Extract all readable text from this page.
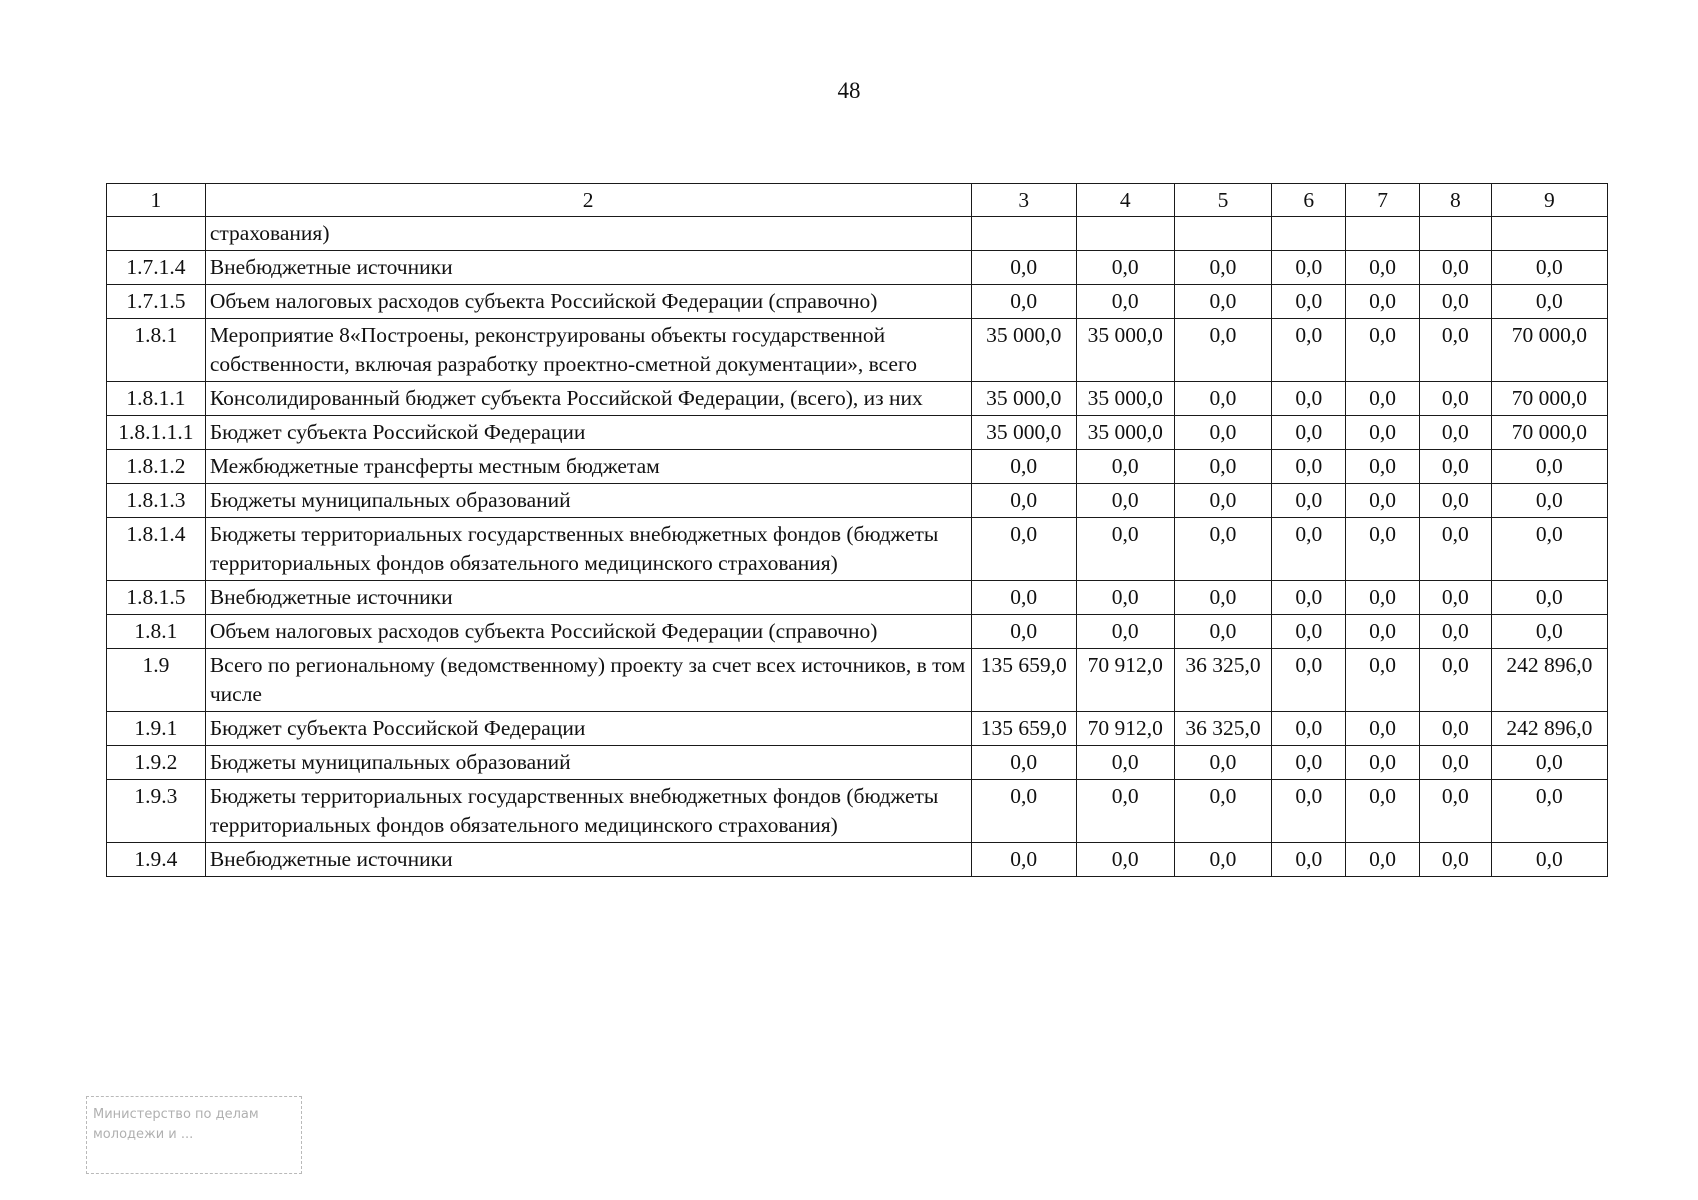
48
1	2	3	4	5	6	7	8	9
	страхования)							
1.7.1.4	Внебюджетные источники	0,0	0,0	0,0	0,0	0,0	0,0	0,0
1.7.1.5	Объем налоговых расходов субъекта Российской Федерации (справочно)	0,0	0,0	0,0	0,0	0,0	0,0	0,0
1.8.1	Мероприятие 8«Построены, реконструированы объекты государственной собственности, включая разработку проектно-сметной документации», всего	35 000,0	35 000,0	0,0	0,0	0,0	0,0	70 000,0
1.8.1.1	Консолидированный бюджет субъекта Российской Федерации, (всего), из них	35 000,0	35 000,0	0,0	0,0	0,0	0,0	70 000,0
1.8.1.1.1	Бюджет субъекта Российской Федерации	35 000,0	35 000,0	0,0	0,0	0,0	0,0	70 000,0
1.8.1.2	Межбюджетные трансферты местным бюджетам	0,0	0,0	0,0	0,0	0,0	0,0	0,0
1.8.1.3	Бюджеты муниципальных образований	0,0	0,0	0,0	0,0	0,0	0,0	0,0
1.8.1.4	Бюджеты территориальных государственных внебюджетных фондов (бюджеты территориальных фондов обязательного медицинского страхования)	0,0	0,0	0,0	0,0	0,0	0,0	0,0
1.8.1.5	Внебюджетные источники	0,0	0,0	0,0	0,0	0,0	0,0	0,0
1.8.1	Объем налоговых расходов субъекта Российской Федерации (справочно)	0,0	0,0	0,0	0,0	0,0	0,0	0,0
1.9	Всего по региональному (ведомственному) проекту за счет всех источников, в том числе	135 659,0	70 912,0	36 325,0	0,0	0,0	0,0	242 896,0
1.9.1	Бюджет субъекта Российской Федерации	135 659,0	70 912,0	36 325,0	0,0	0,0	0,0	242 896,0
1.9.2	Бюджеты муниципальных образований	0,0	0,0	0,0	0,0	0,0	0,0	0,0
1.9.3	Бюджеты территориальных государственных внебюджетных фондов (бюджеты территориальных фондов обязательного медицинского страхования)	0,0	0,0	0,0	0,0	0,0	0,0	0,0
1.9.4	Внебюджетные источники	0,0	0,0	0,0	0,0	0,0	0,0	0,0
Министерство по делам
молодежи и ...
